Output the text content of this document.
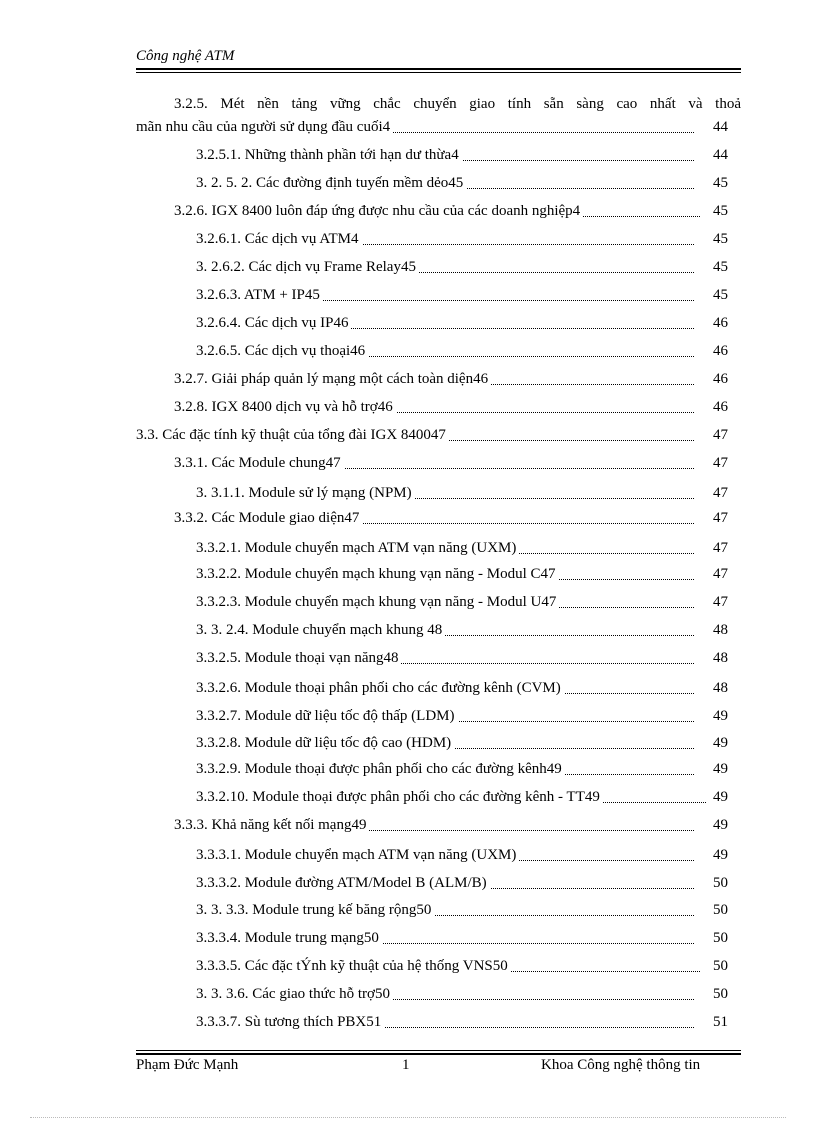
Công nghệ ATM
3.2.5. Mét nền tảng vững chắc chuyển giao tính sẵn sàng cao nhất và thoả
mãn nhu cầu của người sử dụng đầu cuối4	44
3.2.5.1. Những thành phần tới hạn dư thừa4	44
3. 2. 5. 2. Các đường định tuyến mềm dẻo45	45
3.2.6. IGX 8400 luôn đáp ứng được nhu cầu của các doanh nghiệp4	45
3.2.6.1. Các dịch vụ ATM4	45
3. 2.6.2. Các dịch vụ Frame Relay45	45
3.2.6.3. ATM + IP45	45
3.2.6.4. Các dịch vụ IP46	46
3.2.6.5. Các dịch vụ thoại46	46
3.2.7. Giải pháp quản lý mạng một cách toàn diện46	46
3.2.8. IGX 8400 dịch vụ và hỗ trợ46	46
3.3. Các đặc tính kỹ thuật của tổng đài IGX 840047	47
3.3.1. Các Module chung47	47
3. 3.1.1. Module sử lý mạng (NPM)	47
3.3.2. Các Module giao diện47	47
3.3.2.1. Module chuyển mạch ATM vạn năng (UXM)	47
3.3.2.2. Module chuyển mạch khung vạn năng - Modul C47	47
3.3.2.3. Module chuyển mạch khung vạn năng - Modul U47	47
3. 3. 2.4. Module chuyển mạch khung 48	48
3.3.2.5. Module thoại vạn năng48	48
3.3.2.6. Module thoại phân phối cho các đường kênh (CVM)	48
3.3.2.7. Module dữ liệu tốc độ thấp (LDM)	49
3.3.2.8. Module dữ liệu tốc độ cao (HDM)	49
3.3.2.9. Module thoại được phân phối cho các đường kênh49	49
3.3.2.10. Module thoại được phân phối cho các đường kênh - TT49	49
3.3.3. Khả năng kết nối mạng49	49
3.3.3.1. Module chuyển mạch ATM vạn năng (UXM)	49
3.3.3.2. Module đường ATM/Model B (ALM/B)	50
3. 3. 3.3. Module trung kế băng rộng50	50
3.3.3.4. Module trung mạng50	50
3.3.3.5. Các đặc tÝnh kỹ thuật của hệ thống VNS50	50
3. 3. 3.6. Các giao thức hỗ trợ50	50
3.3.3.7. Sù tương thích PBX51	51
Phạm Đức Mạnh	1	Khoa Công nghệ thông tin
